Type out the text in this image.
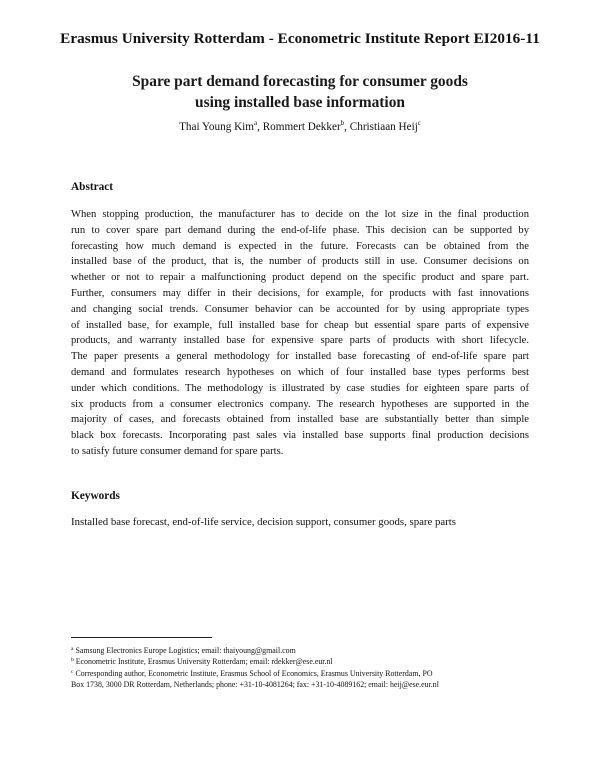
Erasmus University Rotterdam - Econometric Institute Report EI2016-11
Spare part demand forecasting for consumer goods
using installed base information
Thai Young Kim$^a$, Rommert Dekker$^b$, Christiaan Heij$^c$
Abstract
When stopping production, the manufacturer has to decide on the lot size in the final production
run to cover spare part demand during the end-of-life phase. This decision can be supported by
forecasting how much demand is expected in the future. Forecasts can be obtained from the
installed base of the product, that is, the number of products still in use. Consumer decisions on
whether or not to repair a malfunctioning product depend on the specific product and spare part.
Further, consumers may differ in their decisions, for example, for products with fast innovations
and changing social trends. Consumer behavior can be accounted for by using appropriate types
of installed base, for example, full installed base for cheap but essential spare parts of expensive
products, and warranty installed base for expensive spare parts of products with short lifecycle.
The paper presents a general methodology for installed base forecasting of end-of-life spare part
demand and formulates research hypotheses on which of four installed base types performs best
under which conditions. The methodology is illustrated by case studies for eighteen spare parts of
six products from a consumer electronics company. The research hypotheses are supported in the
majority of cases, and forecasts obtained from installed base are substantially better than simple
black box forecasts. Incorporating past sales via installed base supports final production decisions
to satisfy future consumer demand for spare parts.
Keywords
Installed base forecast, end-of-life service, decision support, consumer goods, spare parts
$^a$ Samsung Electronics Europe Logistics; email: thaiyoung@gmail.com
$^b$ Econometric Institute, Erasmus University Rotterdam; email: rdekker@ese.eur.nl
$^c$ Corresponding author, Econometric Institute, Erasmus School of Economics, Erasmus University Rotterdam, PO
Box 1738, 3000 DR Rotterdam, Netherlands; phone: +31-10-4081264; fax: +31-10-4089162; email: heij@ese.eur.nl
